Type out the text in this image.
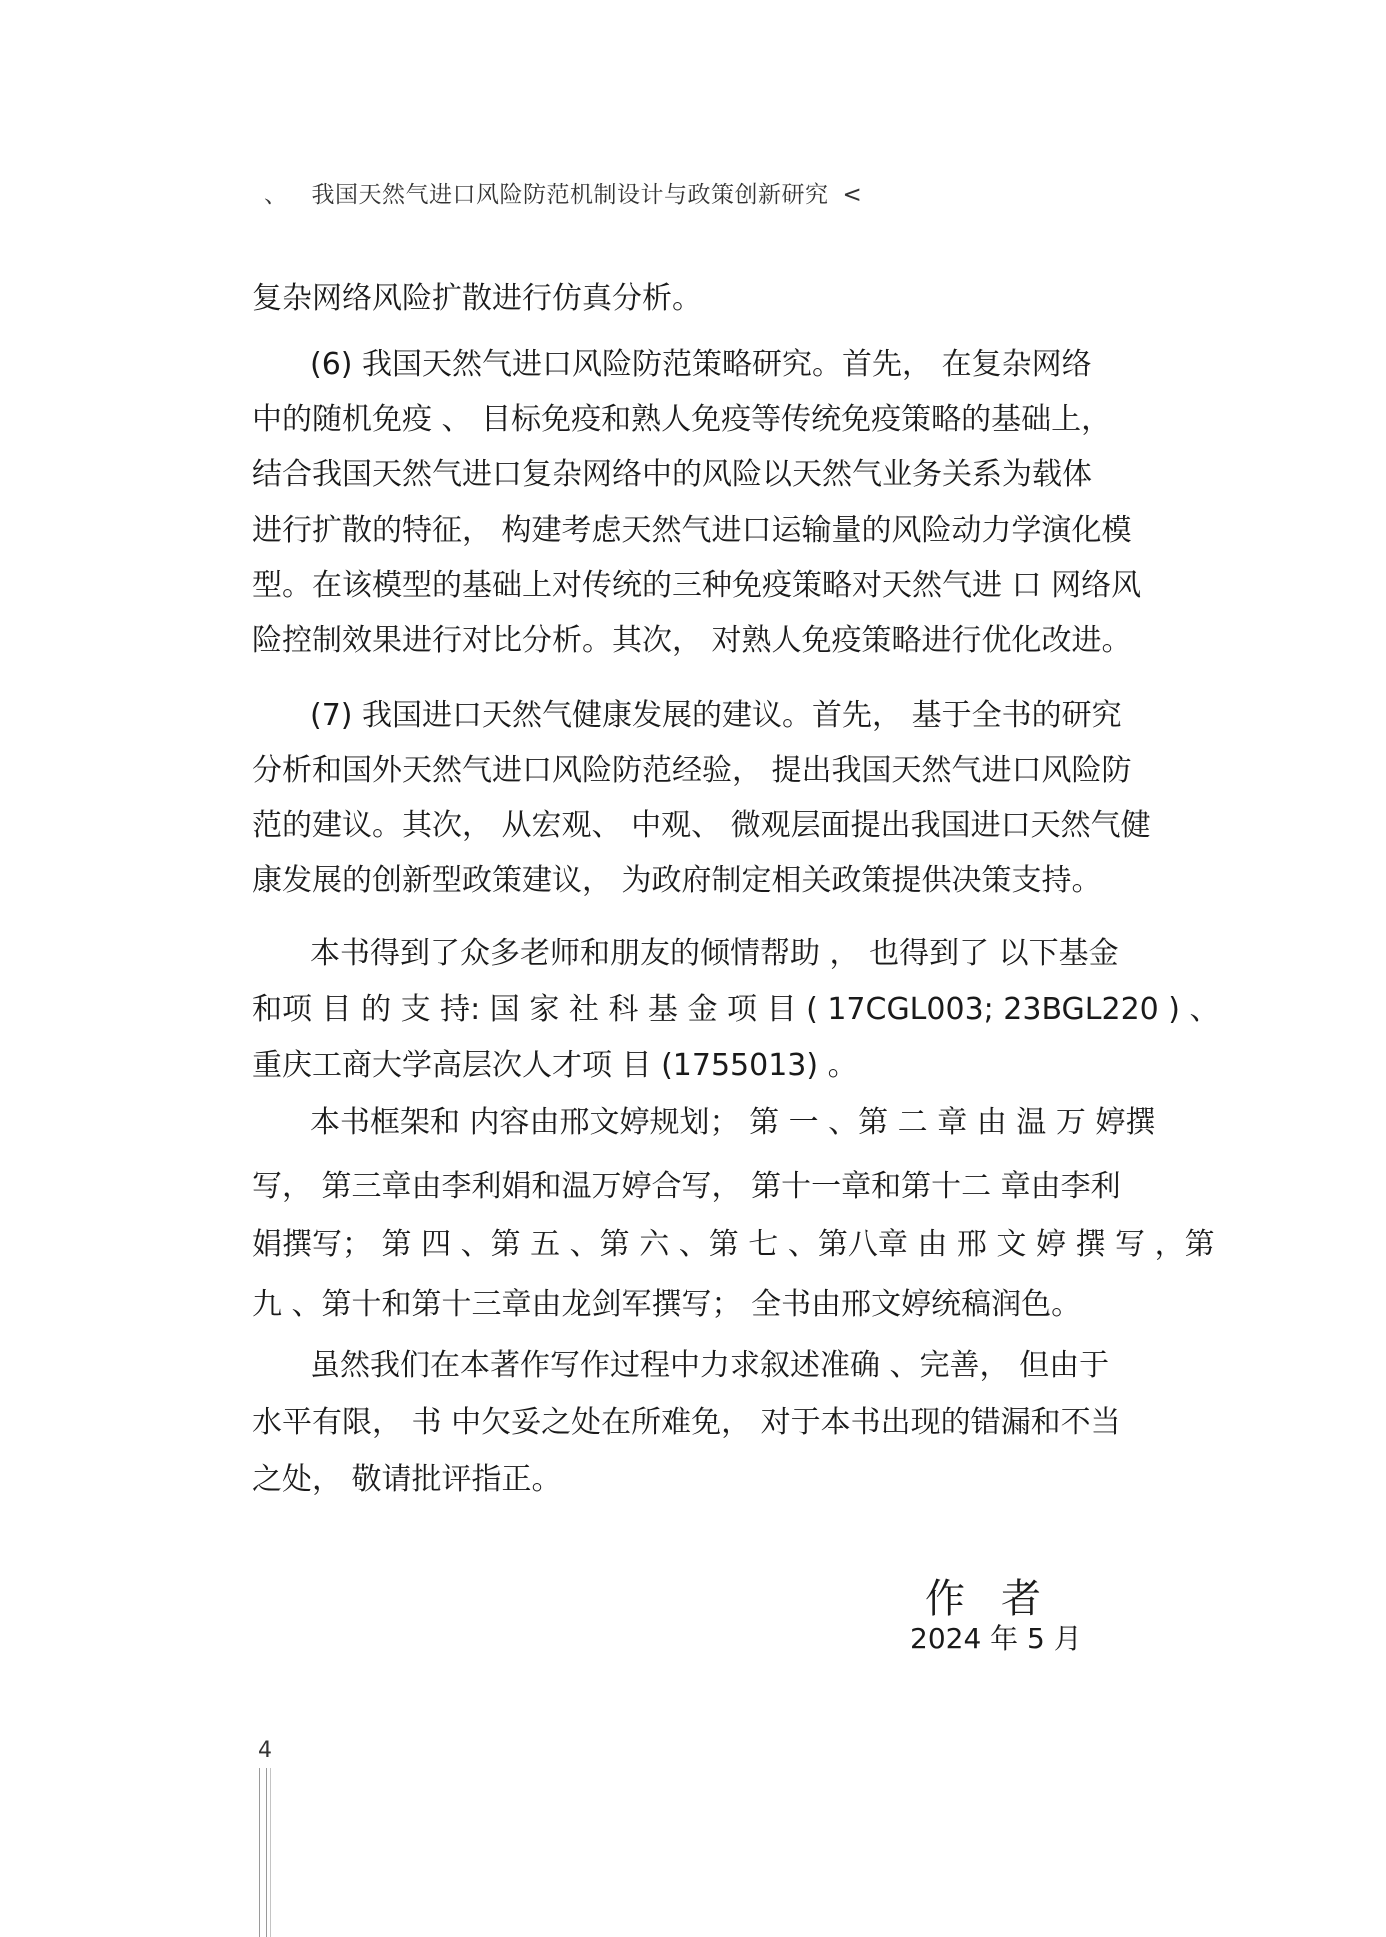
、 我国天然气进口风险防范机制设计与政策创新研究 <
复杂网络风险扩散进行仿真分析。
(6) 我国天然气进口风险防范策略研究。首先， 在复杂网络
中的随机免疫 、 目标免疫和熟人免疫等传统免疫策略的基础上，
结合我国天然气进口复杂网络中的风险以天然气业务关系为载体
进行扩散的特征， 构建考虑天然气进口运输量的风险动力学演化模
型。在该模型的基础上对传统的三种免疫策略对天然气进 口 网络风
险控制效果进行对比分析。其次， 对熟人免疫策略进行优化改进。
(7) 我国进口天然气健康发展的建议。首先， 基于全书的研究
分析和国外天然气进口风险防范经验， 提出我国天然气进口风险防
范的建议。其次， 从宏观、 中观、 微观层面提出我国进口天然气健
康发展的创新型政策建议， 为政府制定相关政策提供决策支持。
本书得到了众多老师和朋友的倾情帮助 ， 也得到了 以下基金
和项 目 的 支 持: 国 家 社 科 基 金 项 目 ( 17CGL003; 23BGL220 ) 、
重庆工商大学高层次人才项 目 (1755013) 。
本书框架和 内容由邢文婷规划； 第 一 、第 二 章 由 温 万 婷撰
写， 第三章由李利娟和温万婷合写， 第十一章和第十二 章由李利
娟撰写； 第 四 、第 五 、第 六 、第 七 、第八章 由 邢 文 婷 撰 写 ，第
九 、第十和第十三章由龙剑军撰写； 全书由邢文婷统稿润色。
虽然我们在本著作写作过程中力求叙述准确 、完善， 但由于
水平有限， 书 中欠妥之处在所难免， 对于本书出现的错漏和不当
之处， 敬请批评指正。
作者
2024 年 5 月
4
